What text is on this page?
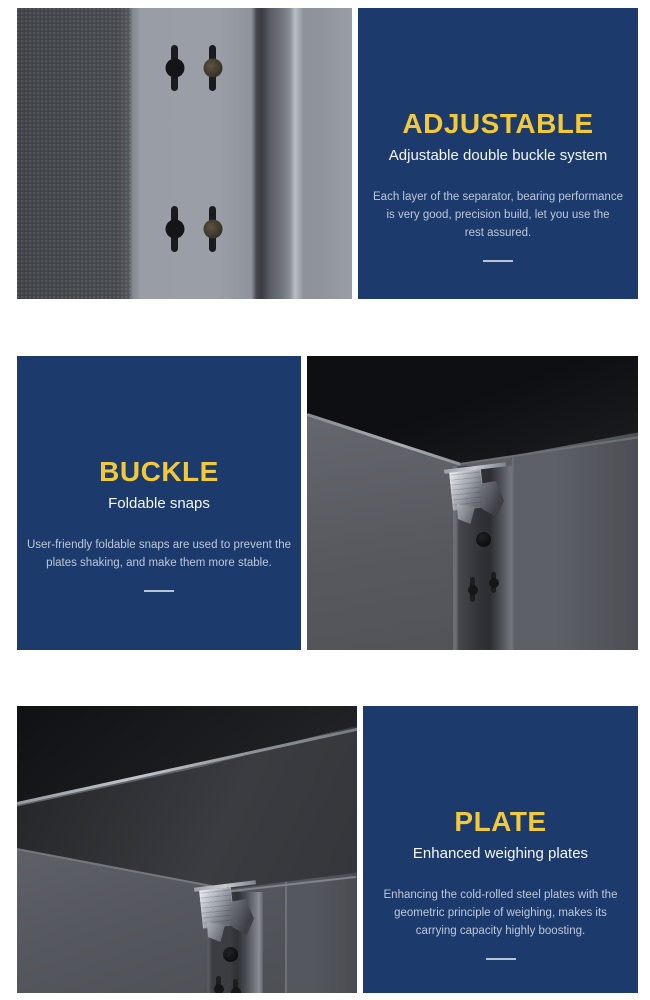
ADJUSTABLE
Adjustable double buckle system
Each layer of the separator, bearing performance
is very good, precision build, let you use the
rest assured.
BUCKLE
Foldable snaps
User-friendly foldable snaps are used to prevent the
plates shaking, and make them more stable.
PLATE
Enhanced weighing plates
Enhancing the cold-rolled steel plates with the
geometric principle of weighing, makes its
carrying capacity highly boosting.
